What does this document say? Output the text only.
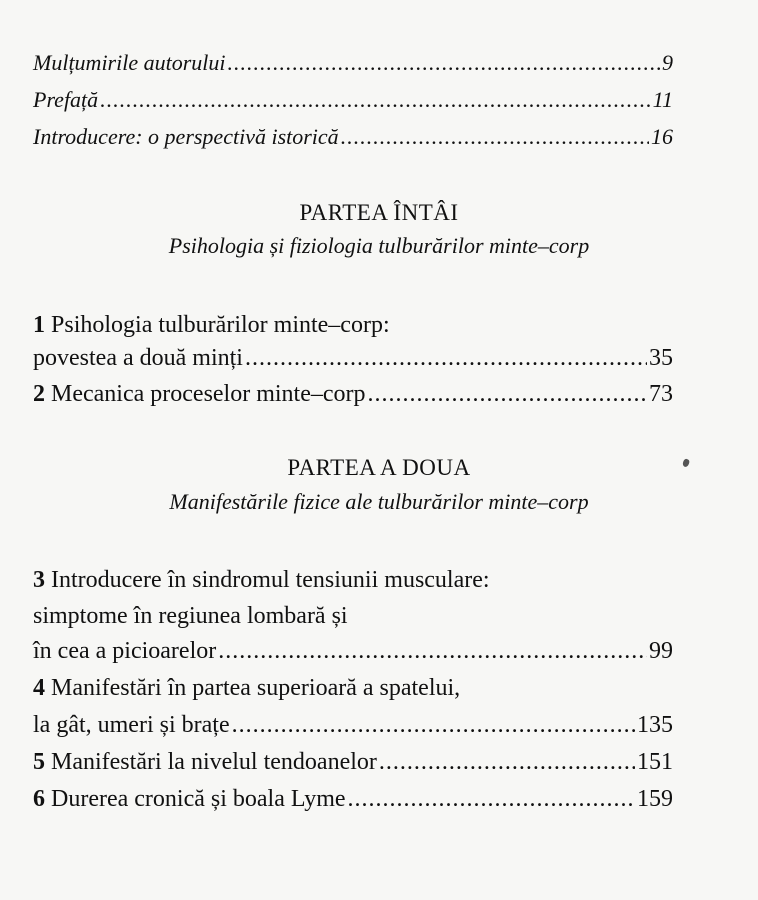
Mulțumirile autorului .....	9
Prefață .....	11
Introducere: o perspectivă istorică .....	16
PARTEA ÎNTÂI
Psihologia și fiziologia tulburărilor minte–corp
1 Psihologia tulburărilor minte–corp:
povestea a două minți .....	35
2 Mecanica proceselor minte–corp .....	73
PARTEA A DOUA
Manifestările fizice ale tulburărilor minte–corp
3 Introducere în sindromul tensiunii musculare:
simptome în regiunea lombară și
în cea a picioarelor .....	99
4 Manifestări în partea superioară a spatelui,
la gât, umeri și brațe .....	135
5 Manifestări la nivelul tendoanelor .....	151
6 Durerea cronică și boala Lyme .....	159
